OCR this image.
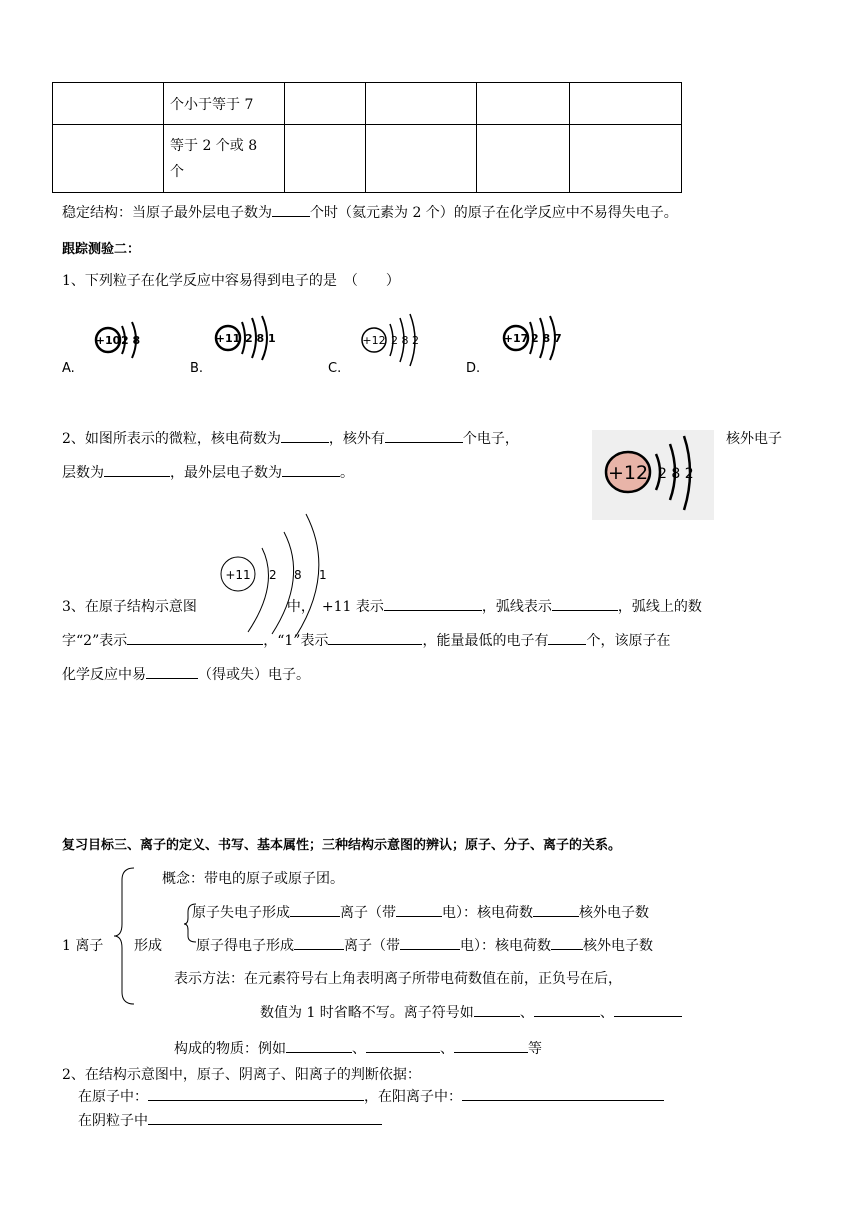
	个小于等于 7				
	等于 2 个或 8
个				
稳定结构：当原子最外层电子数为	个时（氦元素为 2 个）的原子在化学反应中不易得失电子。
跟踪测验二：
1、下列粒子在化学反应中容易得到电子的是　（　　）
+10 2 8
A.
+11 2 8 1
B.
+12 2 8 2
C.
+17 2 8 7
D.
2、如图所表示的微粒，核电荷数为	，核外有	个电子，	核外电子
层数为	，最外层电子数为	。	+12 2 8 2
+11 2 8 1
3、在原子结构示意图	中，　+11 表示	，弧线表示	，弧线上的数
字“2”表示	，“1”表示	，能量最低的电子有	个，该原子在
化学反应中易	（得或失）电子。
复习目标三、离子的定义、书写、基本属性；三种结构示意图的辨认；原子、分子、离子的关系。
概念：带电的原子或原子团。
原子失电子形成	离子（带	电）：核电荷数	核外电子数
1 离子 形成 原子得电子形成	离子（带	电）：核电荷数 核外电子数
表示方法：在元素符号右上角表明离子所带电荷数值在前，正负号在后，
数值为 1 时省略不写。离子符号如	、	、
构成的物质：例如	、	、	等
2、在结构示意图中，原子、阴离子、阳离子的判断依据：
在原子中：	，在阳离子中：
在阴粒子中
